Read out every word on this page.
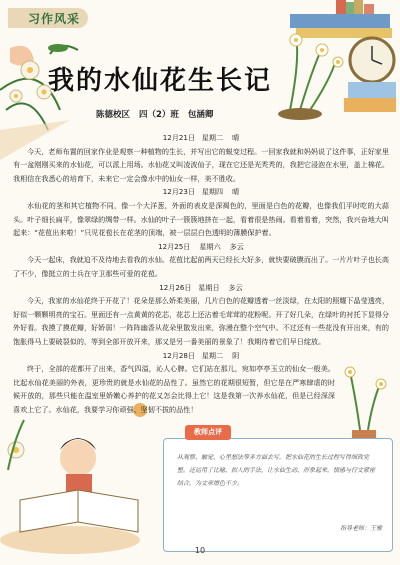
习作风采
我的水仙花生长记
陈德校区 四（2）班 包涵卿

12月21日   星期二    晴

今天，老师布置的回家作业是观察一种植物的生长，并写出它的蜕变过程。一回家我就和妈妈说了这件事，正好家里有一盆刚刚买来的水仙花，可以派上用场。水仙花又叫凌波仙子，现在它还是光秃秃的，我把它浸泡在水里，盖上棉花。我相信在我悉心的培育下，未来它一定会像水中的仙女一样，美不胜收。

12月23日   星期四    晴

水仙花的茎和其它植物不同，像一个大洋葱，外面的表皮是深褐色的，里面是白色的花瓣，也像我们平时吃的大蒜头。叶子细长扁平，像翠绿的绸带一样。水仙的叶子一簇簇地挤在一起，看着很是热闹。看着看着，突然，我兴奋地大叫起来：“花苞出来啦！”只见花苞长在花茎的顶端，被一层层白色透明的薄膜保护着。

12月25日    星期六    多云

今天一起床，我就迫不及待地去看我的水仙。花苞比起前两天已经长大好多，就快要破膜而出了。一片片叶子也长高了不少，像挺立的士兵在守卫那些可爱的花苞。

12月26日   星期日    多云

今天，我家的水仙花终于开花了！花朵是那么娇柔美丽，几片白色的花瓣透着一丝淡绿，在太阳的照耀下晶莹透亮，好似一颗颗明亮的宝石。里面还有一点黄黄的花芯，花芯上还沾着毛茸茸的花粉呢。开了好几朵，在绿叶的衬托下显得分外好看。我摸了摸花瓣，好娇弱！一阵阵幽香从花朵里散发出来，弥漫在整个空气中。不过还有一些花没有开出来，有的饱胀得马上要破裂似的，等到全部开放开来，那又是另一番美丽的景象了！我期待着它们早日绽放。

12月28日   星期二    阴

终于，全部的花都开了出来，香气四溢，沁人心脾。它们站在那儿，宛如亭亭玉立的仙女一般美。比起水仙花美丽的外表，更珍贵的就是水仙花的品性了。虽然它的花期很短暂，但它是在严寒肆虐的时候开放的，那些只能在温室里娇嫩心养护的花又怎会比得上它！这是我第一次养水仙花，但是已经深深喜欢上它了。水仙花，我要学习你顽强、坚韧不拔的品性！

教师点评
从观察、触觉、心里想法等多方面去写，把水仙花的生长过程写得细致完整。还运用了比喻、拟人的手法，让水仙生动、形象起来。情感与行文紧密结合，为文章增色不少。
指导老师：王雅
10
